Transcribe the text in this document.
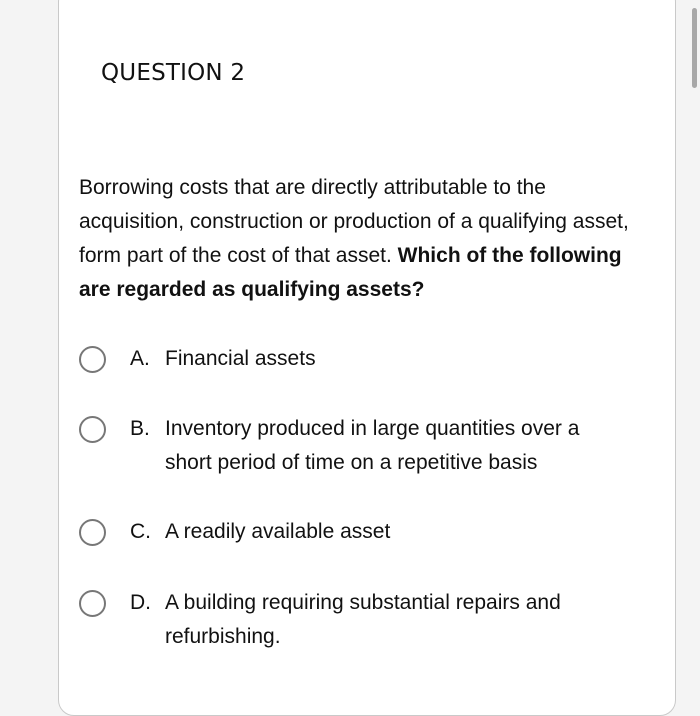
QUESTION 2
Borrowing costs that are directly attributable to the acquisition, construction or production of a qualifying asset, form part of the cost of that asset. Which of the following are regarded as qualifying assets?
A. Financial assets
B. Inventory produced in large quantities over a short period of time on a repetitive basis
C. A readily available asset
D. A building requiring substantial repairs and refurbishing.
